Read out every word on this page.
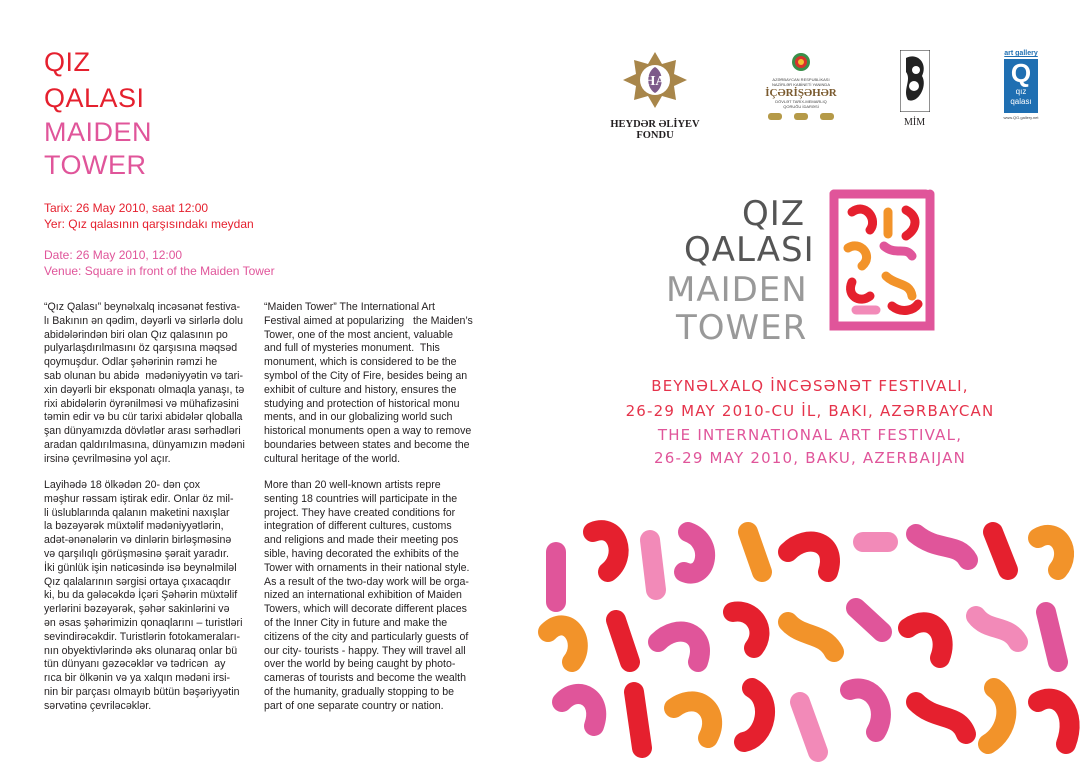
QIZ
QALASI
MAIDEN
TOWER
Tarix: 26 May 2010, saat 12:00
Yer: Qız qalasının qarşısındakı meydan
Date: 26 May 2010, 12:00
Venue: Square in front of the Maiden Tower
“Qız Qalası” beynəlxalq incəsənət festiva-
lı Bakının ən qədim, dəyərli və sirlərlə dolu
abidələrindən biri olan Qız qalasının po
pulyarlaşdırılmasını öz qarşısına məqsəd
qoymuşdur. Odlar şəhərinin rəmzi he
sab olunan bu abidə  mədəniyyətin və tari-
xin dəyərli bir eksponatı olmaqla yanaşı, tə
rixi abidələrin öyrənilməsi və mühafizəsini
təmin edir və bu cür tarixi abidələr qloballa
şan dünyamızda dövlətlər arası sərhədləri
aradan qaldırılmasına, dünyamızın mədəni
irsinə çevrilməsinə yol açır.
Layihədə 18 ölkədən 20- dən çox
məşhur rəssam iştirak edir. Onlar öz mil-
li üslublarında qalanın maketini naxışlar
la bəzəyərək müxtəlif mədəniyyətlərin,
adət-ənənələrin və dinlərin birləşməsinə
və qarşılıqlı görüşməsinə şərait yaradır.
İki günlük işin nəticəsində isə beynəlmiləl
Qız qalalarının sərgisi ortaya çıxacaqdır
ki, bu da gələcəkdə İçəri Şəhərin müxtəlif
yerlərini bəzəyərək, şəhər sakinlərini və
ən əsas şəhərimizin qonaqlarını – turistləri
sevindirəcəkdir. Turistlərin fotokameraları-
nın obyektivlərində əks olunaraq onlar bü
tün dünyanı gəzəcəklər və tədricən  ay
rıca bir ölkənin və ya xalqın mədəni irsi-
nin bir parçası olmayıb bütün bəşəriyyətin
sərvətinə çevriləcəklər.
“Maiden Tower” The International Art
Festival aimed at popularizing   the Maiden’s
Tower, one of the most ancient, valuable
and full of mysteries monument.  This
monument, which is considered to be the
symbol of the City of Fire, besides being an
exhibit of culture and history, ensures the
studying and protection of historical monu
ments, and in our globalizing world such
historical monuments open a way to remove
boundaries between states and become the
cultural heritage of the world.
More than 20 well-known artists repre
senting 18 countries will participate in the
project. They have created conditions for
integration of different cultures, customs
and religions and made their meeting pos
sible, having decorated the exhibits of the
Tower with ornaments in their national style.
As a result of the two-day work will be orga-
nized an international exhibition of Maiden
Towers, which will decorate different places
of the Inner City in future and make the
citizens of the city and particularly guests of
our city- tourists - happy. They will travel all
over the world by being caught by photo-
cameras of tourists and become the wealth
of the humanity, gradually stopping to be
part of one separate country or nation.
HA
HEYDƏR ƏLİYEV
FONDU
AZƏRBAYCAN RESPUBLİKASI
NAZİRLƏR KABİNETİ YANINDA
İÇƏRİŞƏHƏR
DÖVLƏT TARİX-MEMARLIQ
QORUĞU İDARƏSİ
MİM
art gallery
Q
qız
qalası
www.QG.gallery.net
QIZ
QALASI
MAIDEN
TOWER
BEYNƏLXALQ İNCƏSƏNƏT FESTIVALI,
26-29 MAY 2010-CU İL, BAKI, AZƏRBAYCAN
THE INTERNATIONAL ART FESTIVAL,
26-29 MAY 2010, BAKU, AZERBAIJAN
